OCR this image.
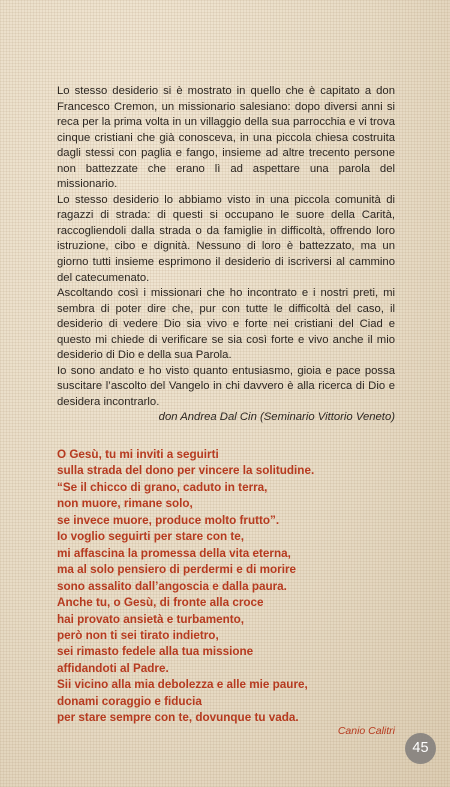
Lo stesso desiderio si è mostrato in quello che è capitato a don Francesco Cremon, un missionario salesiano: dopo diversi anni si reca per la prima volta in un villaggio della sua parrocchia e vi trova cinque cristiani che già conosceva, in una piccola chiesa costruita dagli stessi con paglia e fango, insieme ad altre trecento persone non battezzate che erano lì ad aspettare una parola del missionario.

Lo stesso desiderio lo abbiamo visto in una piccola comunità di ragazzi di strada: di questi si occupano le suore della Carità, raccogliendoli dalla strada o da famiglie in difficoltà, offrendo loro istruzione, cibo e dignità. Nessuno di loro è battezzato, ma un giorno tutti insieme esprimono il desiderio di iscriversi al cammino del catecumenato.

Ascoltando così i missionari che ho incontrato e i nostri preti, mi sembra di poter dire che, pur con tutte le difficoltà del caso, il desiderio di vedere Dio sia vivo e forte nei cristiani del Ciad e questo mi chiede di verificare se sia così forte e vivo anche il mio desiderio di Dio e della sua Parola.

Io sono andato e ho visto quanto entusiasmo, gioia e pace possa suscitare l’ascolto del Vangelo in chi davvero è alla ricerca di Dio e desidera incontrarlo.

don Andrea Dal Cin (Seminario Vittorio Veneto)
O Gesù, tu mi inviti a seguirti
sulla strada del dono per vincere la solitudine.
“Se il chicco di grano, caduto in terra,
non muore, rimane solo,
se invece muore, produce molto frutto”.
Io voglio seguirti per stare con te,
mi affascina la promessa della vita eterna,
ma al solo pensiero di perdermi e di morire
sono assalito dall’angoscia e dalla paura.
Anche tu, o Gesù, di fronte alla croce
hai provato ansietà e turbamento,
però non ti sei tirato indietro,
sei rimasto fedele alla tua missione
affidandoti al Padre.
Sii vicino alla mia debolezza e alle mie paure,
donami coraggio e fiducia
per stare sempre con te, dovunque tu vada.
Canio Calitri
45
